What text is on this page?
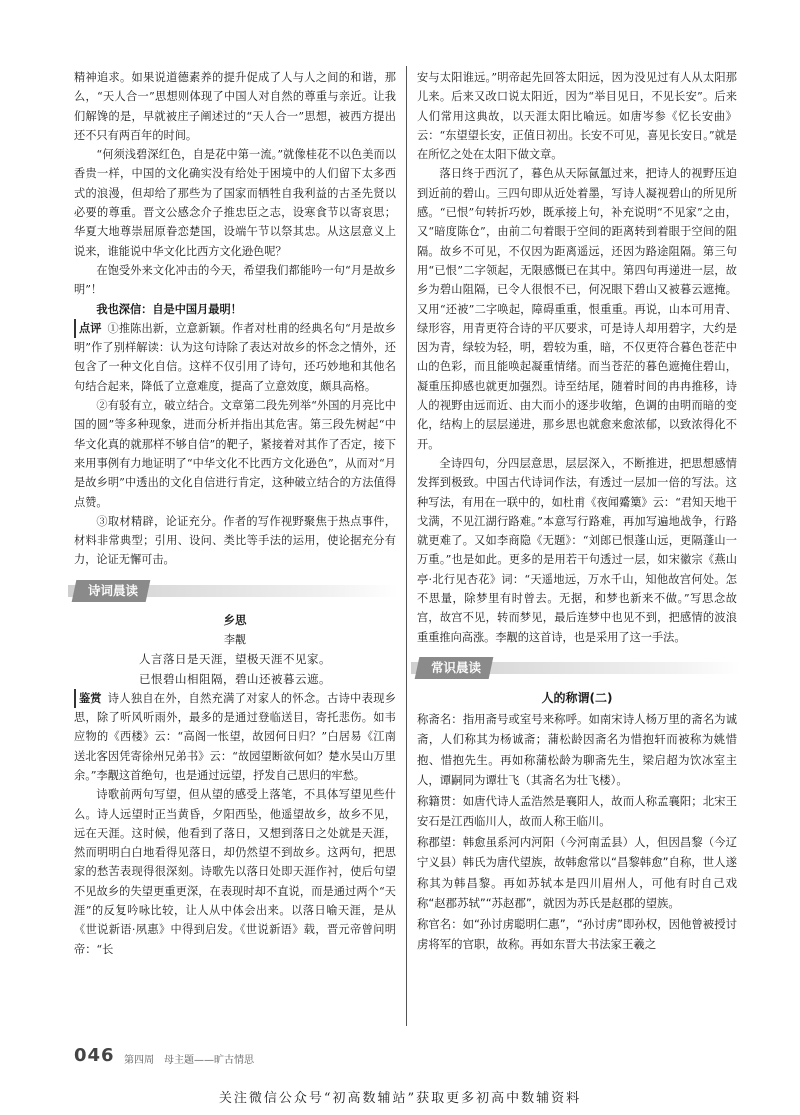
精神追求。如果说道德素养的提升促成了人与人之间的和谐，那么，“天人合一”思想则体现了中国人对自然的尊重与亲近。让我们解馋的是，早就被庄子阐述过的“天人合一”思想，被西方提出还不只有两百年的时间。

“何须浅碧深红色，自是花中第一流。”就像桂花不以色美而以香贵一样，中国的文化确实没有给处于困境中的人们留下太多西式的浪漫，但却给了那些为了国家而牺牲自我利益的古圣先贤以必要的尊重。晋文公感念介子推忠臣之志，设寒食节以寄哀思；华夏大地尊崇屈原眷恋楚国，设端午节以祭其忠。从这层意义上说来，谁能说中华文化比西方文化逊色呢？

在饱受外来文化冲击的今天，希望我们都能吟一句“月是故乡明”！

我也深信：自是中国月最明！

点评 ①推陈出新，立意新颖。作者对杜甫的经典名句“月是故乡明”作了别样解读：认为这句诗除了表达对故乡的怀念之情外，还包含了一种文化自信。这样不仅引用了诗句，还巧妙地和其他名句结合起来，降低了立意难度，提高了立意效度，颇具高格。

②有驳有立，破立结合。文章第二段先列举“外国的月亮比中国的圆”等多种现象，进而分析并指出其危害。第三段先树起“中华文化真的就那样不够自信”的靶子，紧接着对其作了否定，接下来用事例有力地证明了“中华文化不比西方文化逊色”，从而对“月是故乡明”中透出的文化自信进行肯定，这种破立结合的方法值得点赞。

③取材精辟，论证充分。作者的写作视野聚焦于热点事件，材料非常典型；引用、设问、类比等手法的运用，使论据充分有力，论证无懈可击。

诗词晨读
乡思
李觏
人言落日是天涯，望极天涯不见家。
已恨碧山相阻隔，碧山还被暮云遮。

鉴赏 诗人独自在外，自然充满了对家人的怀念。古诗中表现乡思，除了听风听雨外，最多的是通过登临送目，寄托悲伤。如韦应物的《西楼》云：“高阁一怅望，故园何日归？”白居易《江南送北客因凭寄徐州兄弟书》云：“故园望断欲何如？楚水吴山万里余。”李觏这首绝句，也是通过远望，抒发自己思归的牢愁。

诗歌前两句写望，但从望的感受上落笔，不具体写望见些什么。诗人远望时正当黄昏，夕阳西坠，他遥望故乡，故乡不见，远在天涯。这时候，他看到了落日，又想到落日之处就是天涯，然而明明白白地看得见落日，却仍然望不到故乡。这两句，把思家的愁苦表现得很深刻。诗歌先以落日处即天涯作衬，使后句望不见故乡的失望更重更深，在表现时却不直说，而是通过两个“天涯”的反复吟咏比较，让人从中体会出来。以落日喻天涯，是从《世说新语·夙惠》中得到启发。《世说新语》载，晋元帝曾问明帝：“长

安与太阳谁远。”明帝起先回答太阳远，因为没见过有人从太阳那儿来。后来又改口说太阳近，因为“举目见日，不见长安”。后来人们常用这典故，以天涯太阳比喻远。如唐岑参《忆长安曲》云：“东望望长安，正值日初出。长安不可见，喜见长安日。”就是在所忆之处在太阳下做文章。

落日终于西沉了，暮色从天际氤氲过来，把诗人的视野压迫到近前的碧山。三四句即从近处着墨，写诗人凝视碧山的所见所感。“已恨”句转折巧妙，既承接上句，补充说明“不见家”之由，又“暗度陈仓”，由前二句着眼于空间的距离转到着眼于空间的阻隔。故乡不可见，不仅因为距离遥远，还因为路途阻隔。第三句用“已恨”二字领起，无限感慨已在其中。第四句再递进一层，故乡为碧山阻隔，已令人很恨不已，何况眼下碧山又被暮云遮掩。又用“还被”二字唤起，障碍重重，恨重重。再说，山本可用青、绿形容，用青更符合诗的平仄要求，可是诗人却用碧字，大约是因为青，绿较为轻，明，碧较为重，暗，不仅更符合暮色苍茫中山的色彩，而且能唤起凝重情绪。而当苍茫的暮色遮掩住碧山，凝重压抑感也就更加强烈。诗至结尾，随着时间的冉冉推移，诗人的视野由远而近、由大而小的逐步收缩，色调的由明而暗的变化，结构上的层层递进，那乡思也就愈来愈浓郁，以致浓得化不开。

全诗四句，分四层意思，层层深入，不断推进，把思想感情发挥到极致。中国古代诗词作法，有透过一层加一倍的写法。这种写法，有用在一联中的，如杜甫《夜闻觱篥》云：“君知天地干戈满，不见江湖行路难。”本意写行路难，再加写遍地战争，行路就更难了。又如李商隐《无题》：“刘郎已恨蓬山远，更隔蓬山一万重。”也是如此。更多的是用若干句透过一层，如宋徽宗《燕山亭·北行见杏花》词：“天遥地远，万水千山，知他故宫何处。怎不思量，除梦里有时曾去。无据，和梦也新来不做。”写思念故宫，故宫不见，转而梦见，最后连梦中也见不到，把感情的波浪重重推向高涨。李觏的这首诗，也是采用了这一手法。

常识晨读
人的称谓(二)

称斋名：指用斋号或室号来称呼。如南宋诗人杨万里的斋名为诚斋，人们称其为杨诚斋；蒲松龄因斋名为惜抱轩而被称为姚惜抱、惜抱先生。再如称蒲松龄为聊斋先生，梁启超为饮冰室主人，谭嗣同为谭壮飞（其斋名为壮飞楼）。

称籍贯：如唐代诗人孟浩然是襄阳人，故而人称孟襄阳；北宋王安石是江西临川人，故而人称王临川。

称郡望：韩愈虽系河内河阳（今河南孟县）人，但因昌黎（今辽宁义县）韩氏为唐代望族，故韩愈常以“昌黎韩愈”自称，世人遂称其为韩昌黎。再如苏轼本是四川眉州人，可他有时自己戏称“赵郡苏轼”“苏赵郡”，就因为苏氏是赵郡的望族。

称官名：如“孙讨虏聪明仁惠”，“孙讨虏”即孙权，因他曾被授讨虏将军的官职，故称。再如东晋大书法家王羲之

046 第四周　母主题——旷古情思
关注微信公众号“初高数辅站”获取更多初高中数辅资料
